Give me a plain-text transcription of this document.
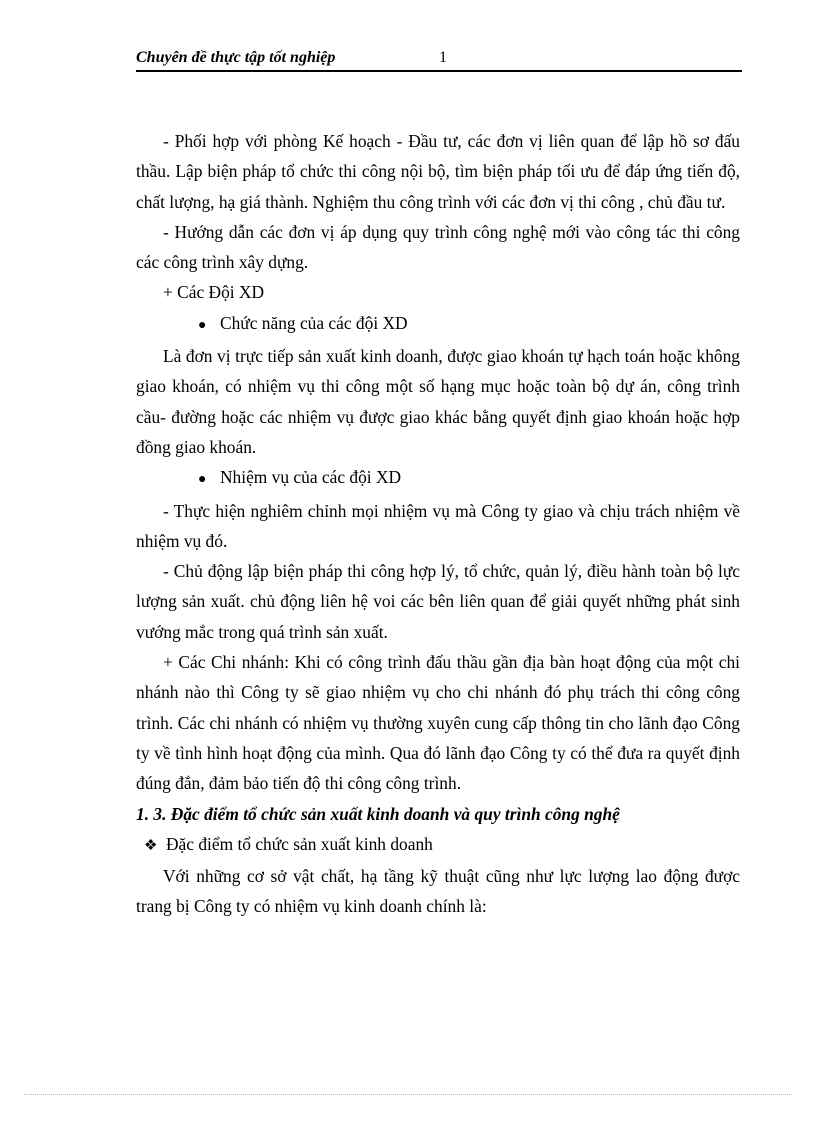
Chuyên đề thực tập tốt nghiệp	1

- Phối hợp với phòng Kế hoạch - Đầu tư, các đơn vị liên quan để lập hồ sơ đấu thầu. Lập biện pháp tổ chức thi công nội bộ, tìm biện pháp tối ưu để đáp ứng tiến độ, chất lượng, hạ giá thành. Nghiệm thu công trình với các đơn vị thi công , chủ đầu tư.

- Hướng dẫn các đơn vị áp dụng quy trình công nghệ mới vào công tác thi công các công trình xây dựng.

+ Các Đội XD

● Chức năng của các đội XD

Là đơn vị trực tiếp sản xuất kinh doanh, được giao khoán tự hạch toán hoặc không giao khoán, có nhiệm vụ thi công một số hạng mục hoặc toàn bộ dự án, công trình cầu- đường hoặc các nhiệm vụ được giao khác bằng quyết định giao khoán hoặc hợp đồng giao khoán.

● Nhiệm vụ của các đội XD

- Thực hiện nghiêm chỉnh mọi nhiệm vụ mà Công ty giao và chịu trách nhiệm về nhiệm vụ đó.

- Chủ động lập biện pháp thi công hợp lý, tổ chức, quản lý, điều hành toàn bộ lực lượng sản xuất. chủ động liên hệ voi các bên liên quan để giải quyết những phát sinh vướng mắc trong quá trình sản xuất.

+ Các Chi nhánh: Khi có công trình đấu thầu gần địa bàn hoạt động của một chi nhánh nào thì Công ty sẽ giao nhiệm vụ cho chi nhánh đó phụ trách thi công công trình. Các chi nhánh có nhiệm vụ thường xuyên cung cấp thông tin cho lãnh đạo Công ty về tình hình hoạt động của mình. Qua đó lãnh đạo Công ty có thể đưa ra quyết định đúng đắn, đảm bảo tiến độ thi công công trình.

1. 3. Đặc điểm tổ chức sản xuất kinh doanh và quy trình công nghệ

❖ Đặc điểm tổ chức sản xuất kinh doanh

Với những cơ sở vật chất, hạ tầng kỹ thuật cũng như lực lượng lao động được trang bị Công ty có nhiệm vụ kinh doanh chính là:
